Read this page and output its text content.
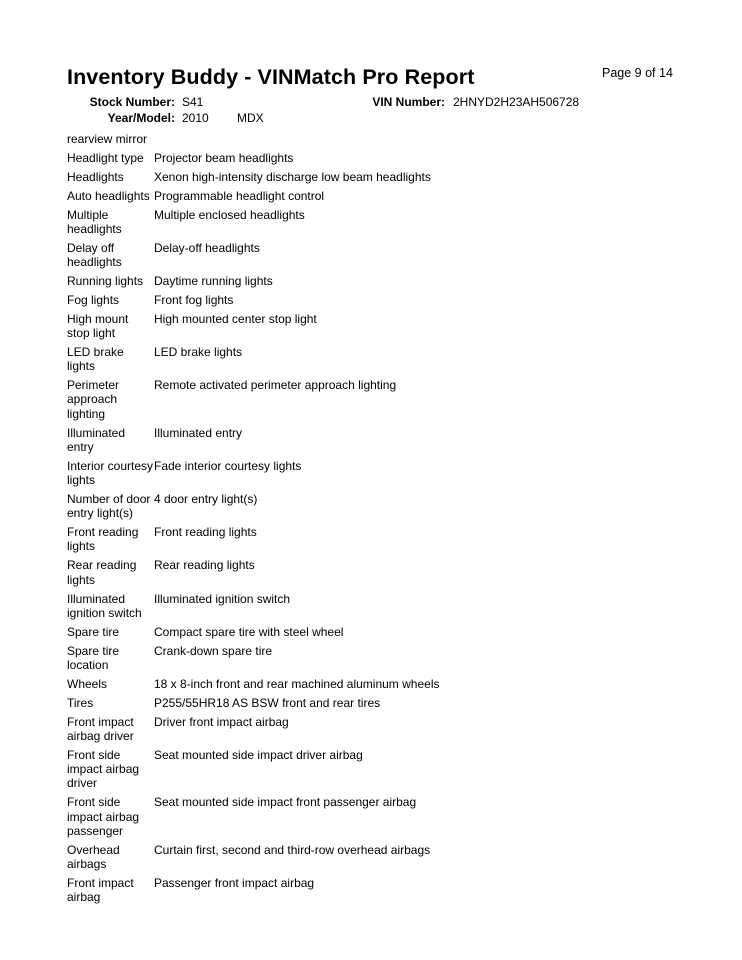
Page 9 of 14
Inventory Buddy - VINMatch Pro Report
Stock Number: S41	VIN Number: 2HNYD2H23AH506728
Year/Model: 2010 MDX
rearview mirror	
Headlight type	Projector beam headlights
Headlights	Xenon high-intensity discharge low beam headlights
Auto headlights	Programmable headlight control
Multiple headlights	Multiple enclosed headlights
Delay off headlights	Delay-off headlights
Running lights	Daytime running lights
Fog lights	Front fog lights
High mount stop light	High mounted center stop light
LED brake lights	LED brake lights
Perimeter approach lighting	Remote activated perimeter approach lighting
Illuminated entry	Illuminated entry
Interior courtesy lights	Fade interior courtesy lights
Number of door entry light(s)	4 door entry light(s)
Front reading lights	Front reading lights
Rear reading lights	Rear reading lights
Illuminated ignition switch	Illuminated ignition switch
Spare tire	Compact spare tire with steel wheel
Spare tire location	Crank-down spare tire
Wheels	18 x 8-inch front and rear machined aluminum wheels
Tires	P255/55HR18 AS BSW front and rear tires
Front impact airbag driver	Driver front impact airbag
Front side impact airbag driver	Seat mounted side impact driver airbag
Front side impact airbag passenger	Seat mounted side impact front passenger airbag
Overhead airbags	Curtain first, second and third-row overhead airbags
Front impact airbag	Passenger front impact airbag
